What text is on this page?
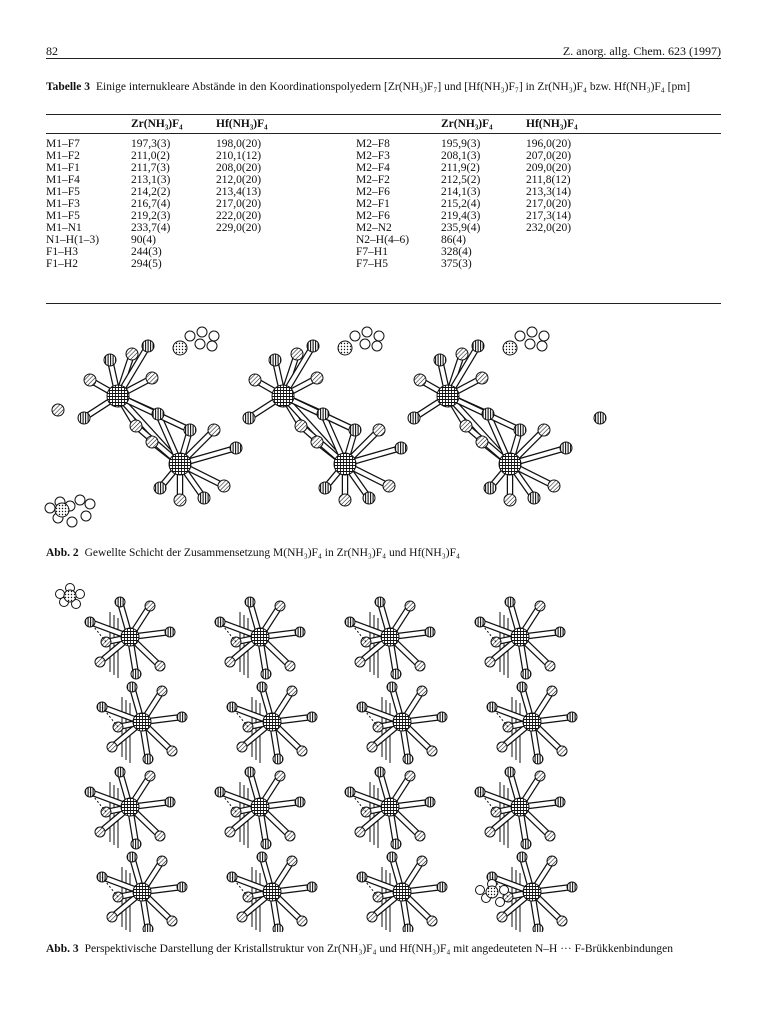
82	Z. anorg. allg. Chem. 623 (1997)
Tabelle 3 Einige internukleare Abstände in den Koordinationspolyedern [Zr(NH₃)F₇] und [Hf(NH₃)F₇] in Zr(NH₃)F₄ bzw. Hf(NH₃)F₄ [pm]
	Zr(NH₃)F₄	Hf(NH₃)F₄		Zr(NH₃)F₄	Hf(NH₃)F₄
M1–F7	197,3(3)	198,0(20)	M2–F8	195,9(3)	196,0(20)
M1–F2	211,0(2)	210,1(12)	M2–F3	208,1(3)	207,0(20)
M1–F1	211,7(3)	208,0(20)	M2–F4	211,9(2)	209,0(20)
M1–F4	213,1(3)	212,0(20)	M2–F2	212,5(2)	211,8(12)
M1–F5	214,2(2)	213,4(13)	M2–F6	214,1(3)	213,3(14)
M1–F3	216,7(4)	217,0(20)	M2–F1	215,2(4)	217,0(20)
M1–F5	219,2(3)	222,0(20)	M2–F6	219,4(3)	217,3(14)
M1–N1	233,7(4)	229,0(20)	M2–N2	235,9(4)	232,0(20)
N1–H(1–3)	90(4)		N2–H(4–6)	86(4)	
F1–H3	244(3)		F7–H1	328(4)	
F1–H2	294(5)		F7–H5	375(3)	
Abb. 2 Gewellte Schicht der Zusammensetzung M(NH₃)F₄ in Zr(NH₃)F₄ und Hf(NH₃)F₄
Abb. 3 Perspektivische Darstellung der Kristallstruktur von Zr(NH₃)F₄ und Hf(NH₃)F₄ mit angedeuteten N–H ··· F-Brükkenbindungen
